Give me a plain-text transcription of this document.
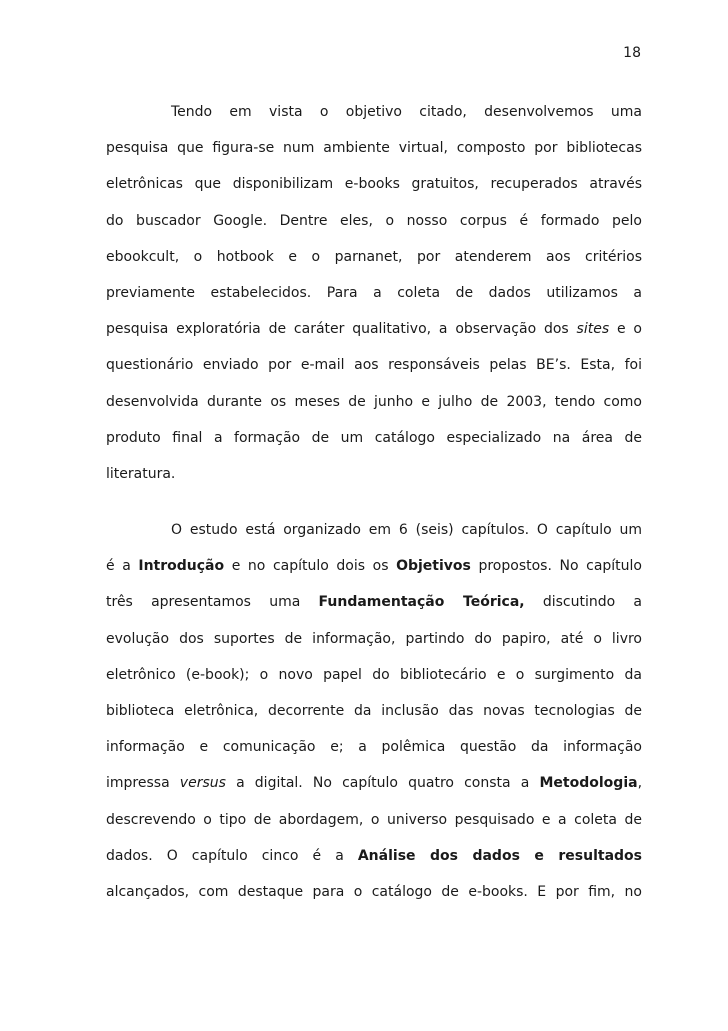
18
Tendo em vista o objetivo citado, desenvolvemos uma
pesquisa que figura-se num ambiente virtual, composto por bibliotecas
eletrônicas que disponibilizam e-books gratuitos, recuperados através
do buscador Google. Dentre eles, o nosso corpus é formado pelo
ebookcult, o hotbook e o parnanet, por atenderem aos critérios
previamente estabelecidos. Para a coleta de dados utilizamos a
pesquisa exploratória de caráter qualitativo, a observação dos sites e o
questionário enviado por e-mail aos responsáveis pelas BE’s. Esta, foi
desenvolvida durante os meses de junho e julho de 2003, tendo como
produto final a formação de um catálogo especializado na área de
literatura.
O estudo está organizado em 6 (seis) capítulos. O capítulo um
é a Introdução e no capítulo dois os Objetivos propostos. No capítulo
três apresentamos uma Fundamentação Teórica, discutindo a
evolução dos suportes de informação, partindo do papiro, até o livro
eletrônico (e-book); o novo papel do bibliotecário e o surgimento da
biblioteca eletrônica, decorrente da inclusão das novas tecnologias de
informação e comunicação e; a polêmica questão da informação
impressa versus a digital. No capítulo quatro consta a Metodologia,
descrevendo o tipo de abordagem, o universo pesquisado e a coleta de
dados. O capítulo cinco é a Análise dos dados e resultados
alcançados, com destaque para o catálogo de e-books. E por fim, no
